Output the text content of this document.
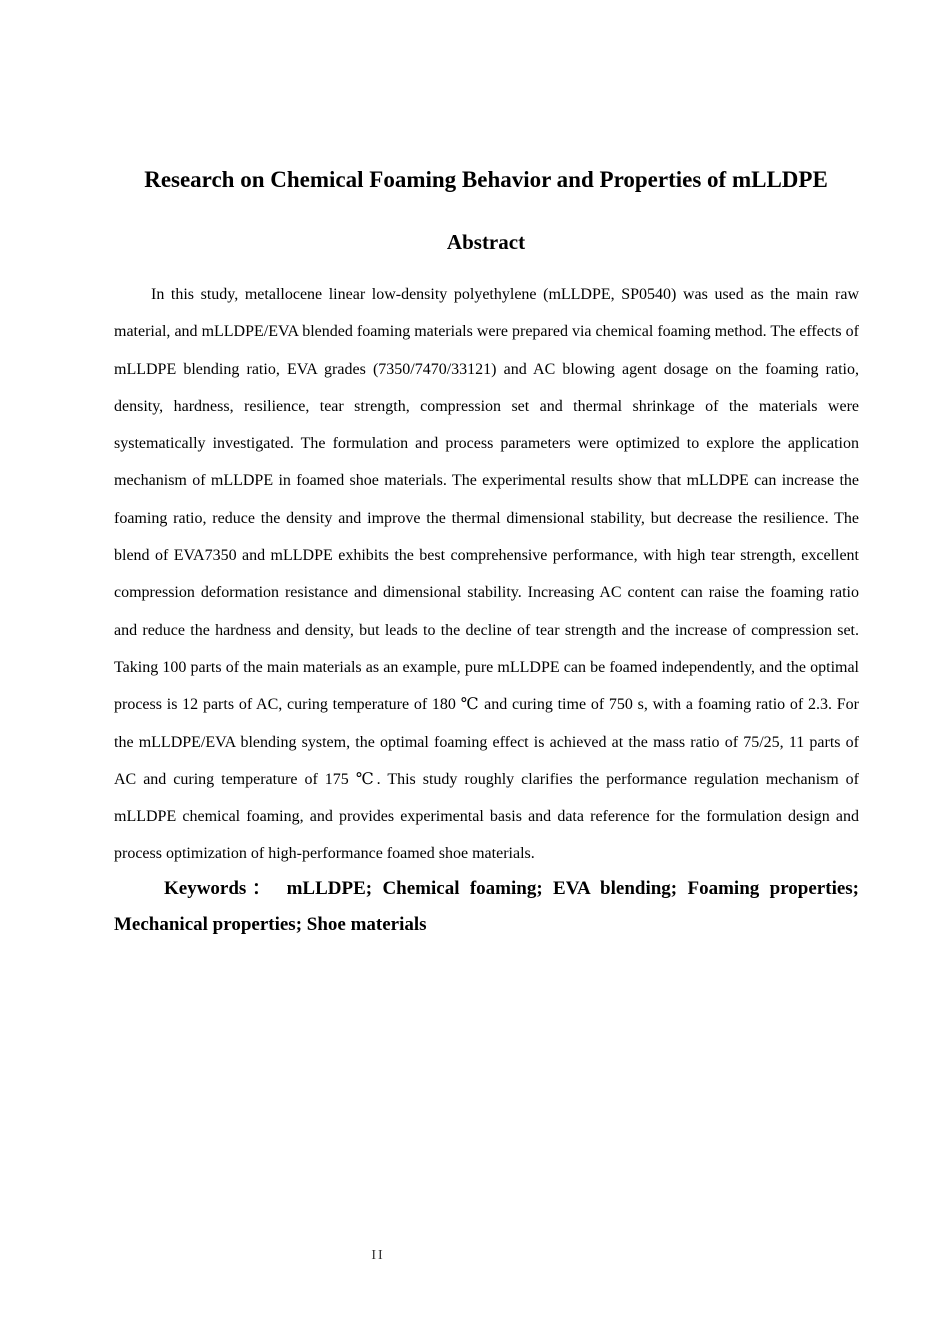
Research on Chemical Foaming Behavior and Properties of mLLDPE
Abstract

In this study, metallocene linear low-density polyethylene (mLLDPE, SP0540) was used as the main raw material, and mLLDPE/EVA blended foaming materials were prepared via chemical foaming method. The effects of mLLDPE blending ratio, EVA grades (7350/7470/33121) and AC blowing agent dosage on the foaming ratio, density, hardness, resilience, tear strength, compression set and thermal shrinkage of the materials were systematically investigated. The formulation and process parameters were optimized to explore the application mechanism of mLLDPE in foamed shoe materials. The experimental results show that mLLDPE can increase the foaming ratio, reduce the density and improve the thermal dimensional stability, but decrease the resilience. The blend of EVA7350 and mLLDPE exhibits the best comprehensive performance, with high tear strength, excellent compression deformation resistance and dimensional stability. Increasing AC content can raise the foaming ratio and reduce the hardness and density, but leads to the decline of tear strength and the increase of compression set. Taking 100 parts of the main materials as an example, pure mLLDPE can be foamed independently, and the optimal process is 12 parts of AC, curing temperature of 180 ℃ and curing time of 750 s, with a foaming ratio of 2.3. For the mLLDPE/EVA blending system, the optimal foaming effect is achieved at the mass ratio of 75/25, 11 parts of AC and curing temperature of 175 ℃. This study roughly clarifies the performance regulation mechanism of mLLDPE chemical foaming, and provides experimental basis and data reference for the formulation design and process optimization of high-performance foamed shoe materials.

Keywords： mLLDPE; Chemical foaming; EVA blending; Foaming properties; Mechanical properties; Shoe materials

II
